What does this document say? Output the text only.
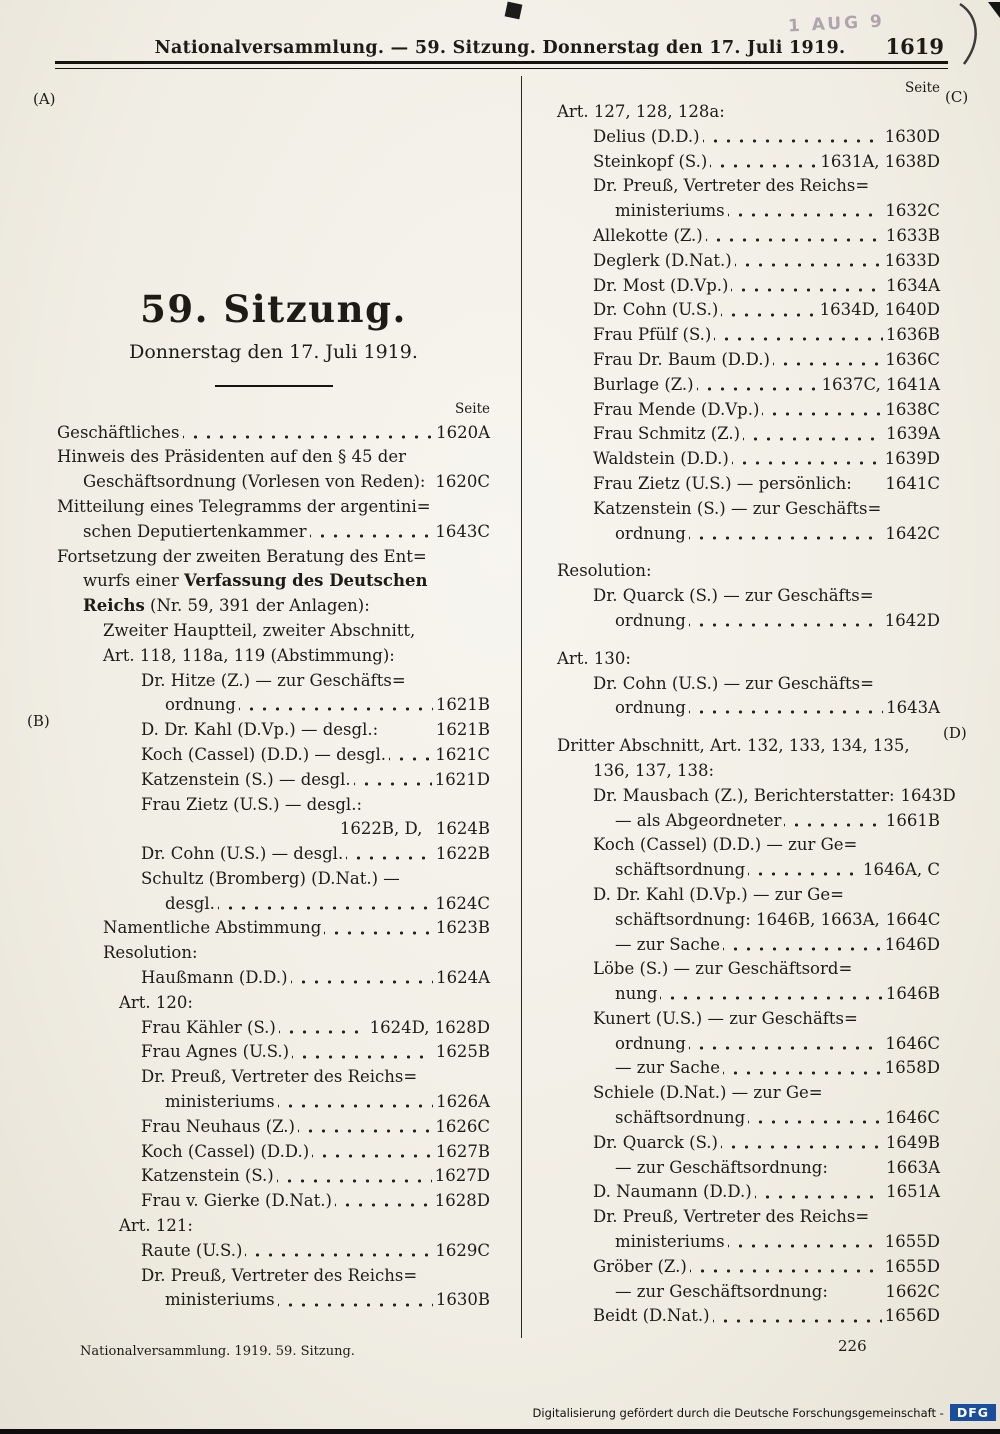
1 AUG 9
Nationalversammlung. — 59. Sitzung. Donnerstag den 17. Juli 1919.	1619
(A)
(B)
(C)
(D)
59. Sitzung.
Donnerstag den 17. Juli 1919.
Seite
Geschäftliches	1620A
Hinweis des Präsidenten auf den § 45 der
Geschäftsordnung (Vorlesen von Reden): 1620C
Mitteilung eines Telegramms der argentini=
schen Deputiertenkammer	1643C
Fortsetzung der zweiten Beratung des Ent=
wurfs einer Verfassung des Deutschen
Reichs (Nr. 59, 391 der Anlagen):
Zweiter Hauptteil, zweiter Abschnitt,
Art. 118, 118a, 119 (Abstimmung):
Dr. Hitze (Z.) — zur Geschäfts=
ordnung	1621B
D. Dr. Kahl (D.Vp.) — desgl.:	1621B
Koch (Cassel) (D.D.) — desgl.	1621C
Katzenstein (S.) — desgl.	1621D
Frau Zietz (U.S.) — desgl.:
1622B, D,  1624B
Dr. Cohn (U.S.) — desgl.	1622B
Schultz (Bromberg) (D.Nat.) —
desgl.	1624C
Namentliche Abstimmung	1623B
Resolution:
Haußmann (D.D.)	1624A
Art. 120:
Frau Kähler (S.)	1624D, 1628D
Frau Agnes (U.S.)	1625B
Dr. Preuß, Vertreter des Reichs=
ministeriums	1626A
Frau Neuhaus (Z.)	1626C
Koch (Cassel) (D.D.)	1627B
Katzenstein (S.)	1627D
Frau v. Gierke (D.Nat.)	1628D
Art. 121:
Raute (U.S.)	1629C
Dr. Preuß, Vertreter des Reichs=
ministeriums	1630B
Seite
Art. 127, 128, 128a:
Delius (D.D.)	1630D
Steinkopf (S.)	1631A, 1638D
Dr. Preuß, Vertreter des Reichs=
ministeriums	1632C
Allekotte (Z.)	1633B
Deglerk (D.Nat.)	1633D
Dr. Most (D.Vp.)	1634A
Dr. Cohn (U.S.)	1634D, 1640D
Frau Pfülf (S.)	1636B
Frau Dr. Baum (D.D.)	1636C
Burlage (Z.)	1637C, 1641A
Frau Mende (D.Vp.)	1638C
Frau Schmitz (Z.)	1639A
Waldstein (D.D.)	1639D
Frau Zietz (U.S.) — persönlich: 1641C
Katzenstein (S.) — zur Geschäfts=
ordnung	1642C
Resolution:
Dr. Quarck (S.) — zur Geschäfts=
ordnung	1642D
Art. 130:
Dr. Cohn (U.S.) — zur Geschäfts=
ordnung	1643A
Dritter Abschnitt, Art. 132, 133, 134, 135,
136, 137, 138:
Dr. Mausbach (Z.), Berichterstatter: 1643D
— als Abgeordneter	1661B
Koch (Cassel) (D.D.) — zur Ge=
schäftsordnung	1646A, C
D. Dr. Kahl (D.Vp.) — zur Ge=
schäftsordnung: 1646B, 1663A, 1664C
— zur Sache	1646D
Löbe (S.) — zur Geschäftsord=
nung	1646B
Kunert (U.S.) — zur Geschäfts=
ordnung	1646C
— zur Sache	1658D
Schiele (D.Nat.) — zur Ge=
schäftsordnung	1646C
Dr. Quarck (S.)	1649B
— zur Geschäftsordnung:	1663A
D. Naumann (D.D.)	1651A
Dr. Preuß, Vertreter des Reichs=
ministeriums	1655D
Gröber (Z.)	1655D
— zur Geschäftsordnung:	1662C
Beidt (D.Nat.)	1656D
Nationalversammlung. 1919. 59. Sitzung.	226
Digitalisierung gefördert durch die Deutsche Forschungsgemeinschaft -	DFG
